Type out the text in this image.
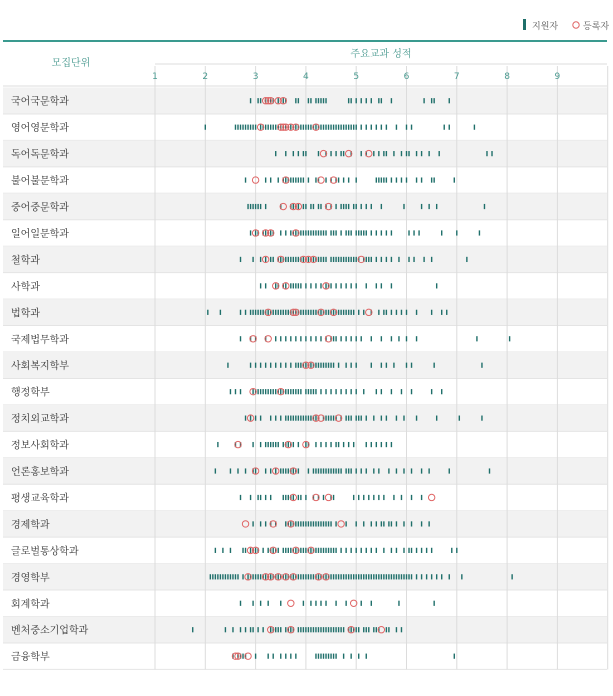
지원자	등록자
모집단위
주요교과 성적
1	2	3	4	5	6	7	8	9
국어국문학과
영어영문학과
독어독문학과
불어불문학과
중어중문학과
일어일문학과
철학과
사학과
법학과
국제법무학과
사회복지학부
행정학부
정치외교학과
정보사회학과
언론홍보학과
평생교육학과
경제학과
글로벌통상학과
경영학부
회계학과
벤처중소기업학과
금융학부
